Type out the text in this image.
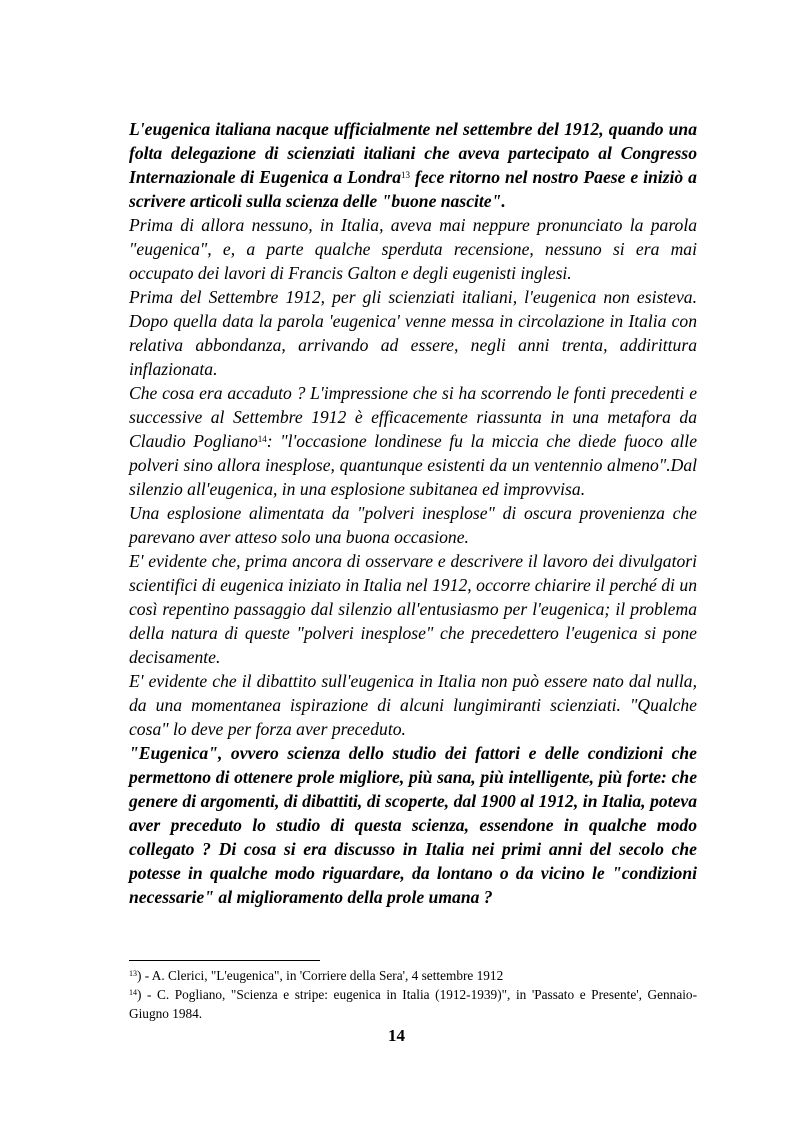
L'eugenica italiana nacque ufficialmente nel settembre del 1912, quando una folta delegazione di scienziati italiani che aveva partecipato al Congresso Internazionale di Eugenica a Londra$^{13}$ fece ritorno nel nostro Paese e iniziò a scrivere articoli sulla scienza delle "buone nascite".

Prima di allora nessuno, in Italia, aveva mai neppure pronunciato la parola "eugenica", e, a parte qualche sperduta recensione, nessuno si era mai occupato dei lavori di Francis Galton e degli eugenisti inglesi.

Prima del Settembre 1912, per gli scienziati italiani, l'eugenica non esisteva. Dopo quella data la parola 'eugenica' venne messa in circolazione in Italia con relativa abbondanza, arrivando ad essere, negli anni trenta, addirittura inflazionata.

Che cosa era accaduto ? L'impressione che si ha scorrendo le fonti precedenti e successive al Settembre 1912 è efficacemente riassunta in una metafora da Claudio Pogliano$^{14}$: "l'occasione londinese fu la miccia che diede fuoco alle polveri sino allora inesplose, quantunque esistenti da un ventennio almeno".Dal silenzio all'eugenica, in una esplosione subitanea ed improvvisa.

Una esplosione alimentata da "polveri inesplose" di oscura provenienza che parevano aver atteso solo una buona occasione.

E' evidente che, prima ancora di osservare e descrivere il lavoro dei divulgatori scientifici di eugenica iniziato in Italia nel 1912, occorre chiarire il perché di un così repentino passaggio dal silenzio all'entusiasmo per l'eugenica; il problema della natura di queste "polveri inesplose" che precedettero l'eugenica si pone decisamente.

E' evidente che il dibattito sull'eugenica in Italia non può essere nato dal nulla, da una momentanea ispirazione di alcuni lungimiranti scienziati. "Qualche cosa" lo deve per forza aver preceduto.

"Eugenica", ovvero scienza dello studio dei fattori e delle condizioni che permettono di ottenere prole migliore, più sana, più intelligente, più forte: che genere di argomenti, di dibattiti, di scoperte, dal 1900 al 1912, in Italia, poteva aver preceduto lo studio di questa scienza, essendone in qualche modo collegato ? Di cosa si era discusso in Italia nei primi anni del secolo che potesse in qualche modo riguardare, da lontano o da vicino le "condizioni necessarie" al miglioramento della prole umana ?

$^{13}$) - A. Clerici, "L'eugenica", in 'Corriere della Sera', 4 settembre 1912

$^{14}$) - C. Pogliano, "Scienza e stripe: eugenica in Italia (1912-1939)", in 'Passato e Presente', Gennaio-Giugno 1984.

14
